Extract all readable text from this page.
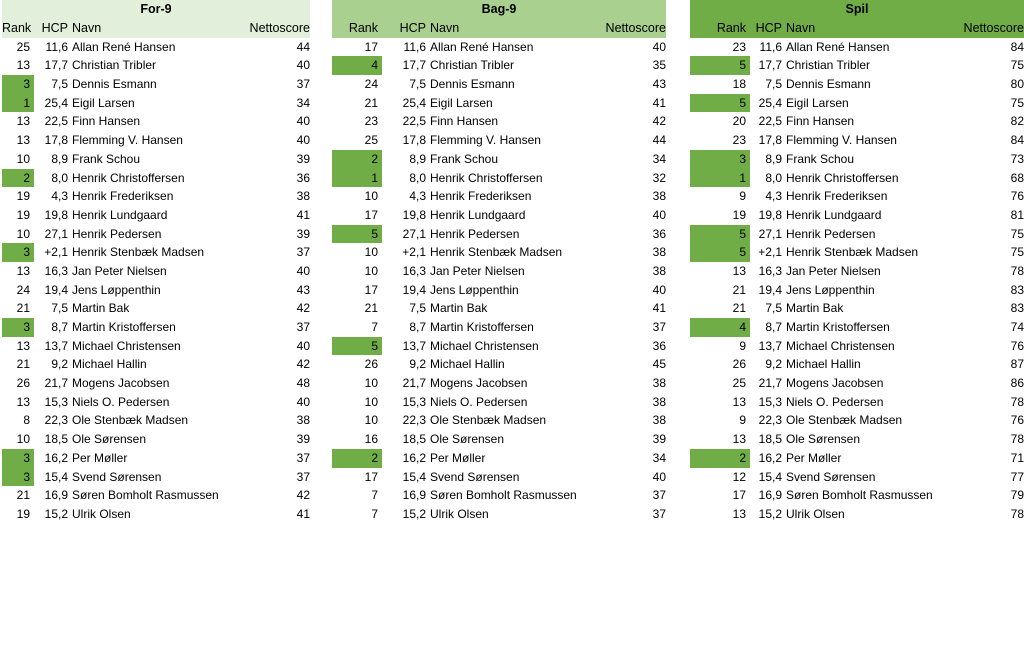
For-9
Rank	HCP	Navn	Nettoscore
25	11,6	Allan René Hansen	44
13	17,7	Christian Tribler	40
3	7,5	Dennis Esmann	37
1	25,4	Eigil Larsen	34
13	22,5	Finn Hansen	40
13	17,8	Flemming V. Hansen	40
10	8,9	Frank Schou	39
2	8,0	Henrik Christoffersen	36
19	4,3	Henrik Frederiksen	38
19	19,8	Henrik Lundgaard	41
10	27,1	Henrik Pedersen	39
3	+2,1	Henrik Stenbæk Madsen	37
13	16,3	Jan Peter Nielsen	40
24	19,4	Jens Løppenthin	43
21	7,5	Martin Bak	42
3	8,7	Martin Kristoffersen	37
13	13,7	Michael Christensen	40
21	9,2	Michael Hallin	42
26	21,7	Mogens Jacobsen	48
13	15,3	Niels O. Pedersen	40
8	22,3	Ole Stenbæk Madsen	38
10	18,5	Ole Sørensen	39
3	16,2	Per Møller	37
3	15,4	Svend Sørensen	37
21	16,9	Søren Bomholt Rasmussen	42
19	15,2	Ulrik Olsen	41
Bag-9
Rank	HCP	Navn	Nettoscore
17	11,6	Allan René Hansen	40
4	17,7	Christian Tribler	35
24	7,5	Dennis Esmann	43
21	25,4	Eigil Larsen	41
23	22,5	Finn Hansen	42
25	17,8	Flemming V. Hansen	44
2	8,9	Frank Schou	34
1	8,0	Henrik Christoffersen	32
10	4,3	Henrik Frederiksen	38
17	19,8	Henrik Lundgaard	40
5	27,1	Henrik Pedersen	36
10	+2,1	Henrik Stenbæk Madsen	38
10	16,3	Jan Peter Nielsen	38
17	19,4	Jens Løppenthin	40
21	7,5	Martin Bak	41
7	8,7	Martin Kristoffersen	37
5	13,7	Michael Christensen	36
26	9,2	Michael Hallin	45
10	21,7	Mogens Jacobsen	38
10	15,3	Niels O. Pedersen	38
10	22,3	Ole Stenbæk Madsen	38
16	18,5	Ole Sørensen	39
2	16,2	Per Møller	34
17	15,4	Svend Sørensen	40
7	16,9	Søren Bomholt Rasmussen	37
7	15,2	Ulrik Olsen	37
Spil
Rank	HCP	Navn	Nettoscore
23	11,6	Allan René Hansen	84
5	17,7	Christian Tribler	75
18	7,5	Dennis Esmann	80
5	25,4	Eigil Larsen	75
20	22,5	Finn Hansen	82
23	17,8	Flemming V. Hansen	84
3	8,9	Frank Schou	73
1	8,0	Henrik Christoffersen	68
9	4,3	Henrik Frederiksen	76
19	19,8	Henrik Lundgaard	81
5	27,1	Henrik Pedersen	75
5	+2,1	Henrik Stenbæk Madsen	75
13	16,3	Jan Peter Nielsen	78
21	19,4	Jens Løppenthin	83
21	7,5	Martin Bak	83
4	8,7	Martin Kristoffersen	74
9	13,7	Michael Christensen	76
26	9,2	Michael Hallin	87
25	21,7	Mogens Jacobsen	86
13	15,3	Niels O. Pedersen	78
9	22,3	Ole Stenbæk Madsen	76
13	18,5	Ole Sørensen	78
2	16,2	Per Møller	71
12	15,4	Svend Sørensen	77
17	16,9	Søren Bomholt Rasmussen	79
13	15,2	Ulrik Olsen	78
